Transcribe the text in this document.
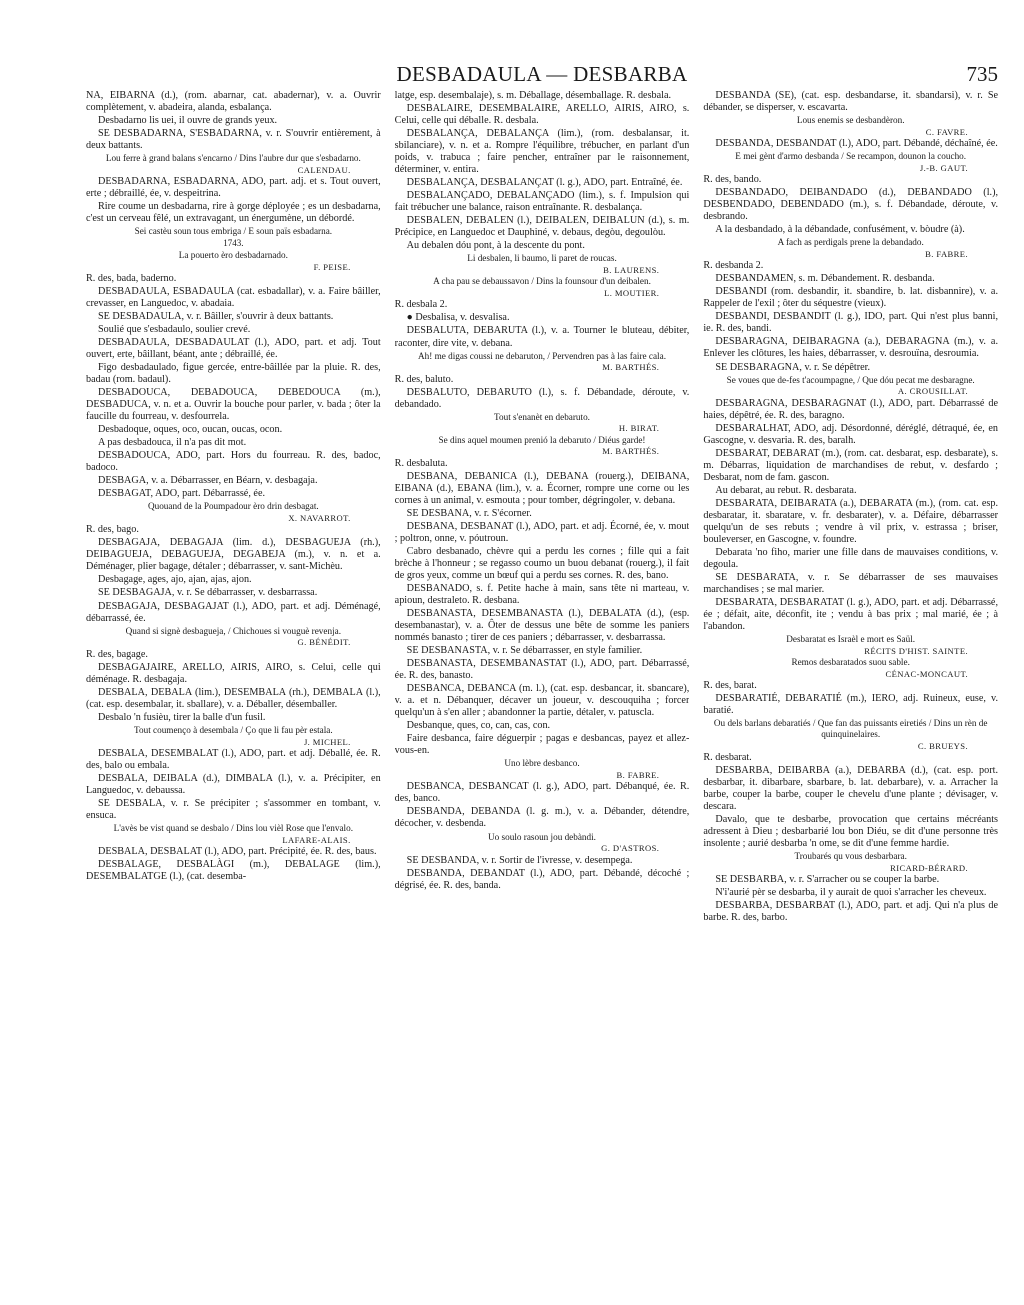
DESBADAULA — DESBARBA	735

NA, EIBARNA (d.), (rom. abarnar, cat. abadernar), v. a. Ouvrir complètement, v. abadeira, alanda, esbalança.

Desbadarno lis uei, il ouvre de grands yeux.

SE DESBADARNA, S'ESBADARNA, v. r. S'ouvrir entièrement, à deux battants.

Lou ferre à grand balans s'encarno / Dins l'aubre dur que s'esbadarno.

CALENDAU.

DESBADARNA, ESBADARNA, ADO, part. adj. et s. Tout ouvert, erte ; débraillé, ée, v. despeitrina.

Rire coume un desbadarna, rire à gorge déployée ; es un desbadarna, c'est un cerveau fêlé, un extravagant, un énergumène, un débordé.

Sei castèu soun tous embriga / E soun païs esbadarna.

1743.

La pouerto èro desbadarnado.

F. PEISE.

R. des, bada, baderno.

DESBADAULA, ESBADAULA (cat. esbadallar), v. a. Faire bâiller, crevasser, en Languedoc, v. abadaia.

SE DESBADAULA, v. r. Bâiller, s'ouvrir à deux battants.

Soulié que s'esbadaulo, soulier crevé.

DESBADAULA, DESBADAULAT (l.), ADO, part. et adj. Tout ouvert, erte, bâillant, béant, ante ; débraillé, ée.

Figo desbadaulado, figue gercée, entre-bâillée par la pluie. R. des, badau (rom. badaul).

DESBADOUCA, DEBADOUCA, DEBEDOUCA (m.), DESBADUCA, v. n. et a. Ouvrir la bouche pour parler, v. bada ; ôter la faucille du fourreau, v. desfourrela.

Desbadoque, oques, oco, oucan, oucas, ocon.

A pas desbadouca, il n'a pas dit mot.

DESBADOUCA, ADO, part. Hors du fourreau. R. des, badoc, badoco.

DESBAGA, v. a. Débarrasser, en Béarn, v. desbagaja.

DESBAGAT, ADO, part. Débarrassé, ée.

Quouand de la Poumpadour èro drin desbagat.

X. NAVARROT.

R. des, bago.

DESBAGAJA, DEBAGAJA (lim. d.), DESBAGUEJA (rh.), DEIBAGUEJA, DEBAGUEJA, DEGABEJA (m.), v. n. et a. Déménager, plier bagage, détaler ; débarrasser, v. sant-Michèu.

Desbagage, ages, ajo, ajan, ajas, ajon.

SE DESBAGAJA, v. r. Se débarrasser, v. desbarrassa.

DESBAGAJA, DESBAGAJAT (l.), ADO, part. et adj. Déménagé, débarrassé, ée.

Quand si signè desbagueja, / Chichoues si vouguè revenja.

G. BÉNÉDIT.

R. des, bagage.

DESBAGAJAIRE, ARELLO, AIRIS, AIRO, s. Celui, celle qui déménage. R. desbagaja.

DESBALA, DEBALA (lim.), DESEMBALA (rh.), DEMBALA (l.), (cat. esp. desembalar, it. sballare), v. a. Déballer, désemballer.

Desbalo 'n fusièu, tirer la balle d'un fusil.

Tout coumenço à desembala / Ço que li fau pèr estala.

J. MICHEL.

DESBALA, DESEMBALAT (l.), ADO, part. et adj. Déballé, ée. R. des, balo ou embala.

DESBALA, DEIBALA (d.), DIMBALA (l.), v. a. Précipiter, en Languedoc, v. debaussa.

SE DESBALA, v. r. Se précipiter ; s'assommer en tombant, v. ensuca.

L'avès be vist quand se desbalo / Dins lou vièl Rose que l'envalo.

LAFARE-ALAIS.

DESBALA, DESBALAT (l.), ADO, part. Précipité, ée. R. des, baus.

DESBALAGE, DESBALÀGI (m.), DEBALAGE (lim.), DESEMBALATGE (l.), (cat. desemba-

latge, esp. desembalaje), s. m. Déballage, désemballage. R. desbala.

DESBALAIRE, DESEMBALAIRE, ARELLO, AIRIS, AIRO, s. Celui, celle qui déballe. R. desbala.

DESBALANÇA, DEBALANÇA (lim.), (rom. desbalansar, it. sbilanciare), v. n. et a. Rompre l'équilibre, trébucher, en parlant d'un poids, v. trabuca ; faire pencher, entraîner par le raisonnement, déterminer, v. entira.

DESBALANÇA, DESBALANÇAT (l. g.), ADO, part. Entraîné, ée.

DESBALANÇADO, DEBALANÇADO (lim.), s. f. Impulsion qui fait trébucher une balance, raison entraînante. R. desbalança.

DESBALEN, DEBALEN (l.), DEIBALEN, DEIBALUN (d.), s. m. Précipice, en Languedoc et Dauphiné, v. debaus, degòu, degoulòu.

Au debalen dóu pont, à la descente du pont.

Li desbalen, li baumo, li paret de roucas.

B. LAURENS.

A cha pau se debaussavon / Dins la founsour d'un deibalen.

L. MOUTIER.

R. desbala 2.

● Desbalisa, v. desvalisa.

DESBALUTA, DEBARUTA (l.), v. a. Tourner le bluteau, débiter, raconter, dire vite, v. debana.

Ah! me digas coussi ne debaruton, / Pervendren pas à las faire cala.

M. BARTHÉS.

R. des, baluto.

DESBALUTO, DEBARUTO (l.), s. f. Débandade, déroute, v. debandado.

Tout s'enanèt en debaruto.

H. BIRAT.

Se dins aquel moumen prenió la debaruto / Diéus garde!

M. BARTHÉS.

R. desbaluta.

DESBANA, DEBANICA (l.), DEBANA (rouerg.), DEIBANA, EIBANA (d.), EBANA (lim.), v. a. Écorner, rompre une corne ou les cornes à un animal, v. esmouta ; pour tomber, dégringoler, v. debana.

SE DESBANA, v. r. S'écorner.

DESBANA, DESBANAT (l.), ADO, part. et adj. Écorné, ée, v. mout ; poltron, onne, v. póutroun.

Cabro desbanado, chèvre qui a perdu les cornes ; fille qui a fait brèche à l'honneur ; se regasso coumo un buou debanat (rouerg.), il fait de gros yeux, comme un bœuf qui a perdu ses cornes. R. des, bano.

DESBANADO, s. f. Petite hache à main, sans tête ni marteau, v. apioun, destraleto. R. desbana.

DESBANASTA, DESEMBANASTA (l.), DEBALATA (d.), (esp. desembanastar), v. a. Ôter de dessus une bête de somme les paniers nommés banasto ; tirer de ces paniers ; débarrasser, v. desbarrassa.

SE DESBANASTA, v. r. Se débarrasser, en style familier.

DESBANASTA, DESEMBANASTAT (l.), ADO, part. Débarrassé, ée. R. des, banasto.

DESBANCA, DEBANCA (m. l.), (cat. esp. desbancar, it. sbancare), v. a. et n. Débanquer, décaver un joueur, v. descouquiha ; forcer quelqu'un à s'en aller ; abandonner la partie, détaler, v. patuscla.

Desbanque, ques, co, can, cas, con.

Faire desbanca, faire déguerpir ; pagas e desbancas, payez et allez-vous-en.

Uno lèbre desbanco.

B. FABRE.

DESBANCA, DESBANCAT (l. g.), ADO, part. Débanqué, ée. R. des, banco.

DESBANDA, DEBANDA (l. g. m.), v. a. Débander, détendre, décocher, v. desbenda.

Uo soulo rasoun jou debàndi.

G. D'ASTROS.

SE DESBANDA, v. r. Sortir de l'ivresse, v. desempega.

DESBANDA, DEBANDAT (l.), ADO, part. Débandé, décoché ; dégrisé, ée. R. des, banda.

DESBANDA (SE), (cat. esp. desbandarse, it. sbandarsi), v. r. Se débander, se disperser, v. escavarta.

Lous enemis se desbandèron.

C. FAVRE.

DESBANDA, DESBANDAT (l.), ADO, part. Débandé, déchaîné, ée.

E mei gènt d'armo desbanda / Se recampon, dounon la coucho.

J.-B. GAUT.

R. des, bando.

DESBANDADO, DEIBANDADO (d.), DEBANDADO (l.), DESBENDADO, DEBENDADO (m.), s. f. Débandade, déroute, v. desbrando.

A la desbandado, à la débandade, confusément, v. bòudre (à).

A fach as perdigals prene la debandado.

B. FABRE.

R. desbanda 2.

DESBANDAMEN, s. m. Débandement. R. desbanda.

DESBANDI (rom. desbandir, it. sbandire, b. lat. disbannire), v. a. Rappeler de l'exil ; ôter du séquestre (vieux).

DESBANDI, DESBANDIT (l. g.), IDO, part. Qui n'est plus banni, ie. R. des, bandi.

DESBARAGNA, DEIBARAGNA (a.), DEBARAGNA (m.), v. a. Enlever les clôtures, les haies, débarrasser, v. desrouïna, desroumia.

SE DESBARAGNA, v. r. Se dépêtrer.

Se voues que de-fes t'acoumpagne, / Que dóu pecat me desbaragne.

A. CROUSILLAT.

DESBARAGNA, DESBARAGNAT (l.), ADO, part. Débarrassé de haies, dépêtré, ée. R. des, baragno.

DESBARALHAT, ADO, adj. Désordonné, déréglé, détraqué, ée, en Gascogne, v. desvaria. R. des, baralh.

DESBARAT, DEBARAT (m.), (rom. cat. desbarat, esp. desbarate), s. m. Débarras, liquidation de marchandises de rebut, v. desfardo ; Desbarat, nom de fam. gascon.

Au debarat, au rebut. R. desbarata.

DESBARATA, DEIBARATA (a.), DEBARATA (m.), (rom. cat. esp. desbaratar, it. sbaratare, v. fr. desbarater), v. a. Défaire, débarrasser quelqu'un de ses rebuts ; vendre à vil prix, v. estrassa ; briser, bouleverser, en Gascogne, v. foundre.

Debarata 'no fiho, marier une fille dans de mauvaises conditions, v. degoula.

SE DESBARATA, v. r. Se débarrasser de ses mauvaises marchandises ; se mal marier.

DESBARATA, DESBARATAT (l. g.), ADO, part. et adj. Débarrassé, ée ; défait, aite, déconfit, ite ; vendu à bas prix ; mal marié, ée ; à l'abandon.

Desbaratat es Israèl e mort es Saül.

RÉCITS D'HIST. SAINTE.

Remos desbaratados suou sable.

CÉNAC-MONCAUT.

R. des, barat.

DESBARATIÉ, DEBARATIÉ (m.), IERO, adj. Ruineux, euse, v. baratié.

Ou dels barlans debaratiés / Que fan das puissants eiretiés / Dins un rèn de quinquinelaires.

C. BRUEYS.

R. desbarat.

DESBARBA, DEIBARBA (a.), DEBARBA (d.), (cat. esp. port. desbarbar, it. dibarbare, sbarbare, b. lat. debarbare), v. a. Arracher la barbe, couper la barbe, couper le chevelu d'une plante ; dévisager, v. descara.

Davalo, que te desbarbe, provocation que certains mécréants adressent à Dieu ; desbarbarié lou bon Diéu, se dit d'une personne très insolente ; aurié desbarba 'n ome, se dit d'une femme hardie.

Troubarés qu vous desbarbara.

RICARD-BÉRARD.

SE DESBARBA, v. r. S'arracher ou se couper la barbe.

N'i'aurié pèr se desbarba, il y aurait de quoi s'arracher les cheveux.

DESBARBA, DESBARBAT (l.), ADO, part. et adj. Qui n'a plus de barbe. R. des, barbo.
